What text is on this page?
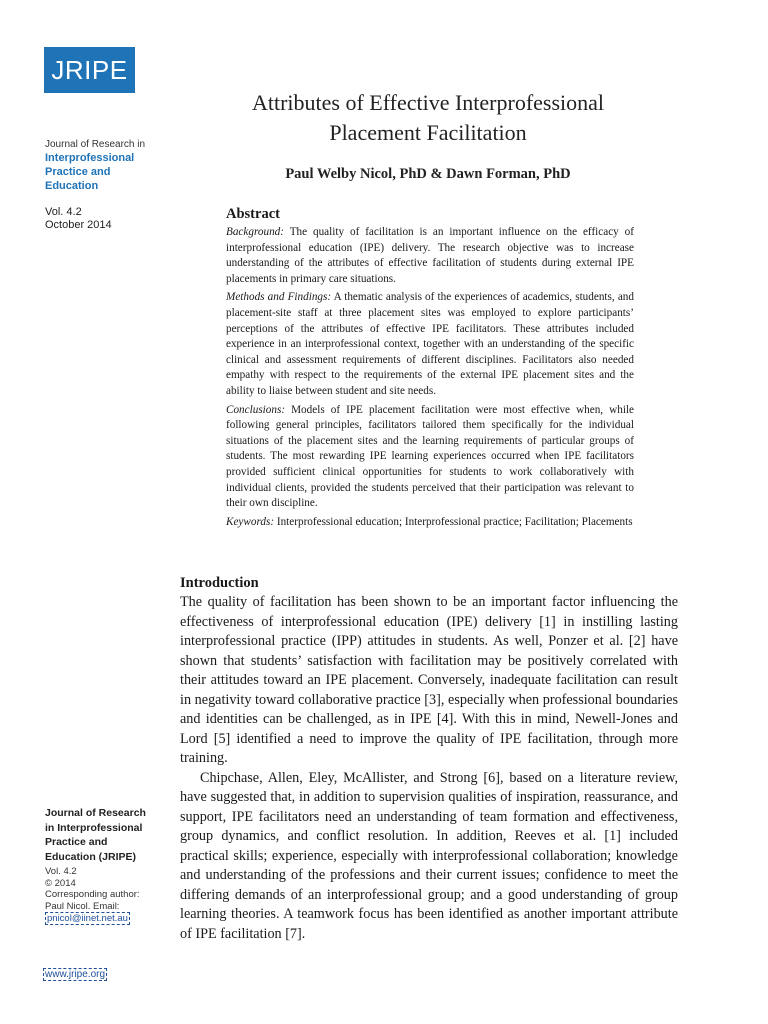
JRIPE
Journal of Research in
Interprofessional
Practice and
Education
Vol. 4.2
October 2014
Journal of Research
in Interprofessional
Practice and
Education (JRIPE)
Vol. 4.2
© 2014
Corresponding author:
Paul Nicol. Email:
pnicol@iinet.net.au
www.jripe.org
Attributes of Effective Interprofessional
Placement Facilitation
Paul Welby Nicol, PhD & Dawn Forman, PhD
Abstract

Background: The quality of facilitation is an important influence on the efficacy of interprofessional education (IPE) delivery. The research objective was to increase understanding of the attributes of effective facilitation of students during external IPE placements in primary care situations.

Methods and Findings: A thematic analysis of the experiences of academics, students, and placement-site staff at three placement sites was employed to explore participants’ perceptions of the attributes of effective IPE facilitators. These attributes included experience in an interprofessional context, together with an understanding of the specific clinical and assessment requirements of different disciplines. Facilitators also needed empathy with respect to the requirements of the external IPE placement sites and the ability to liaise between student and site needs.

Conclusions: Models of IPE placement facilitation were most effective when, while following general principles, facilitators tailored them specifically for the individual situations of the placement sites and the learning requirements of particular groups of students. The most rewarding IPE learning experiences occurred when IPE facilitators provided sufficient clinical opportunities for students to work collaboratively with individual clients, provided the students perceived that their participation was relevant to their own discipline.

Keywords: Interprofessional education; Interprofessional practice; Facilitation; Placements

Introduction

The quality of facilitation has been shown to be an important factor influencing the effectiveness of interprofessional education (IPE) delivery [1] in instilling lasting interprofessional practice (IPP) attitudes in students. As well, Ponzer et al. [2] have shown that students’ satisfaction with facilitation may be positively correlated with their attitudes toward an IPE placement. Conversely, inadequate facilitation can result in negativity toward collaborative practice [3], especially when professional boundaries and identities can be challenged, as in IPE [4]. With this in mind, Newell-Jones and Lord [5] identified a need to improve the quality of IPE facilitation, through more training.

Chipchase, Allen, Eley, McAllister, and Strong [6], based on a literature review, have suggested that, in addition to supervision qualities of inspiration, reassurance, and support, IPE facilitators need an understanding of team formation and effectiveness, group dynamics, and conflict resolution. In addition, Reeves et al. [1] included practical skills; experience, especially with interprofessional collaboration; knowledge and understanding of the professions and their current issues; confidence to meet the differing demands of an interprofessional group; and a good understanding of group learning theories. A teamwork focus has been identified as another important attribute of IPE facilitation [7].
